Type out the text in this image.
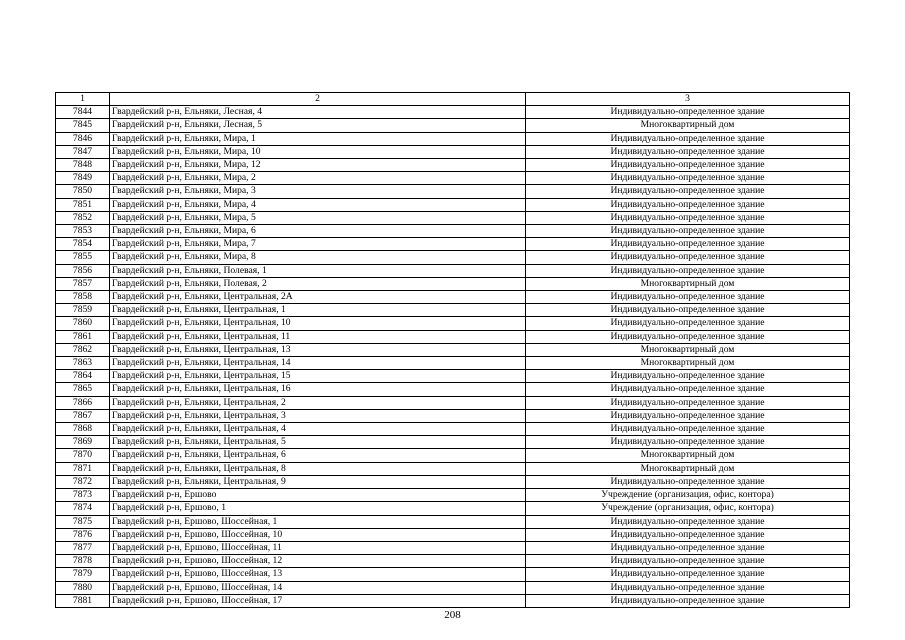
1	2	3
7844	Гвардейский р-н, Ельняки, Лесная, 4	Индивидуально-определенное здание
7845	Гвардейский р-н, Ельняки, Лесная, 5	Многоквартирный дом
7846	Гвардейский р-н, Ельняки, Мира, 1	Индивидуально-определенное здание
7847	Гвардейский р-н, Ельняки, Мира, 10	Индивидуально-определенное здание
7848	Гвардейский р-н, Ельняки, Мира, 12	Индивидуально-определенное здание
7849	Гвардейский р-н, Ельняки, Мира, 2	Индивидуально-определенное здание
7850	Гвардейский р-н, Ельняки, Мира, 3	Индивидуально-определенное здание
7851	Гвардейский р-н, Ельняки, Мира, 4	Индивидуально-определенное здание
7852	Гвардейский р-н, Ельняки, Мира, 5	Индивидуально-определенное здание
7853	Гвардейский р-н, Ельняки, Мира, 6	Индивидуально-определенное здание
7854	Гвардейский р-н, Ельняки, Мира, 7	Индивидуально-определенное здание
7855	Гвардейский р-н, Ельняки, Мира, 8	Индивидуально-определенное здание
7856	Гвардейский р-н, Ельняки, Полевая, 1	Индивидуально-определенное здание
7857	Гвардейский р-н, Ельняки, Полевая, 2	Многоквартирный дом
7858	Гвардейский р-н, Ельняки, Центральная, 2А	Индивидуально-определенное здание
7859	Гвардейский р-н, Ельняки, Центральная, 1	Индивидуально-определенное здание
7860	Гвардейский р-н, Ельняки, Центральная, 10	Индивидуально-определенное здание
7861	Гвардейский р-н, Ельняки, Центральная, 11	Индивидуально-определенное здание
7862	Гвардейский р-н, Ельняки, Центральная, 13	Многоквартирный дом
7863	Гвардейский р-н, Ельняки, Центральная, 14	Многоквартирный дом
7864	Гвардейский р-н, Ельняки, Центральная, 15	Индивидуально-определенное здание
7865	Гвардейский р-н, Ельняки, Центральная, 16	Индивидуально-определенное здание
7866	Гвардейский р-н, Ельняки, Центральная, 2	Индивидуально-определенное здание
7867	Гвардейский р-н, Ельняки, Центральная, 3	Индивидуально-определенное здание
7868	Гвардейский р-н, Ельняки, Центральная, 4	Индивидуально-определенное здание
7869	Гвардейский р-н, Ельняки, Центральная, 5	Индивидуально-определенное здание
7870	Гвардейский р-н, Ельняки, Центральная, 6	Многоквартирный дом
7871	Гвардейский р-н, Ельняки, Центральная, 8	Многоквартирный дом
7872	Гвардейский р-н, Ельняки, Центральная, 9	Индивидуально-определенное здание
7873	Гвардейский р-н, Ершово	Учреждение (организация, офис, контора)
7874	Гвардейский р-н, Ершово, 1	Учреждение (организация, офис, контора)
7875	Гвардейский р-н, Ершово, Шоссейная, 1	Индивидуально-определенное здание
7876	Гвардейский р-н, Ершово, Шоссейная, 10	Индивидуально-определенное здание
7877	Гвардейский р-н, Ершово, Шоссейная, 11	Индивидуально-определенное здание
7878	Гвардейский р-н, Ершово, Шоссейная, 12	Индивидуально-определенное здание
7879	Гвардейский р-н, Ершово, Шоссейная, 13	Индивидуально-определенное здание
7880	Гвардейский р-н, Ершово, Шоссейная, 14	Индивидуально-определенное здание
7881	Гвардейский р-н, Ершово, Шоссейная, 17	Индивидуально-определенное здание
208
